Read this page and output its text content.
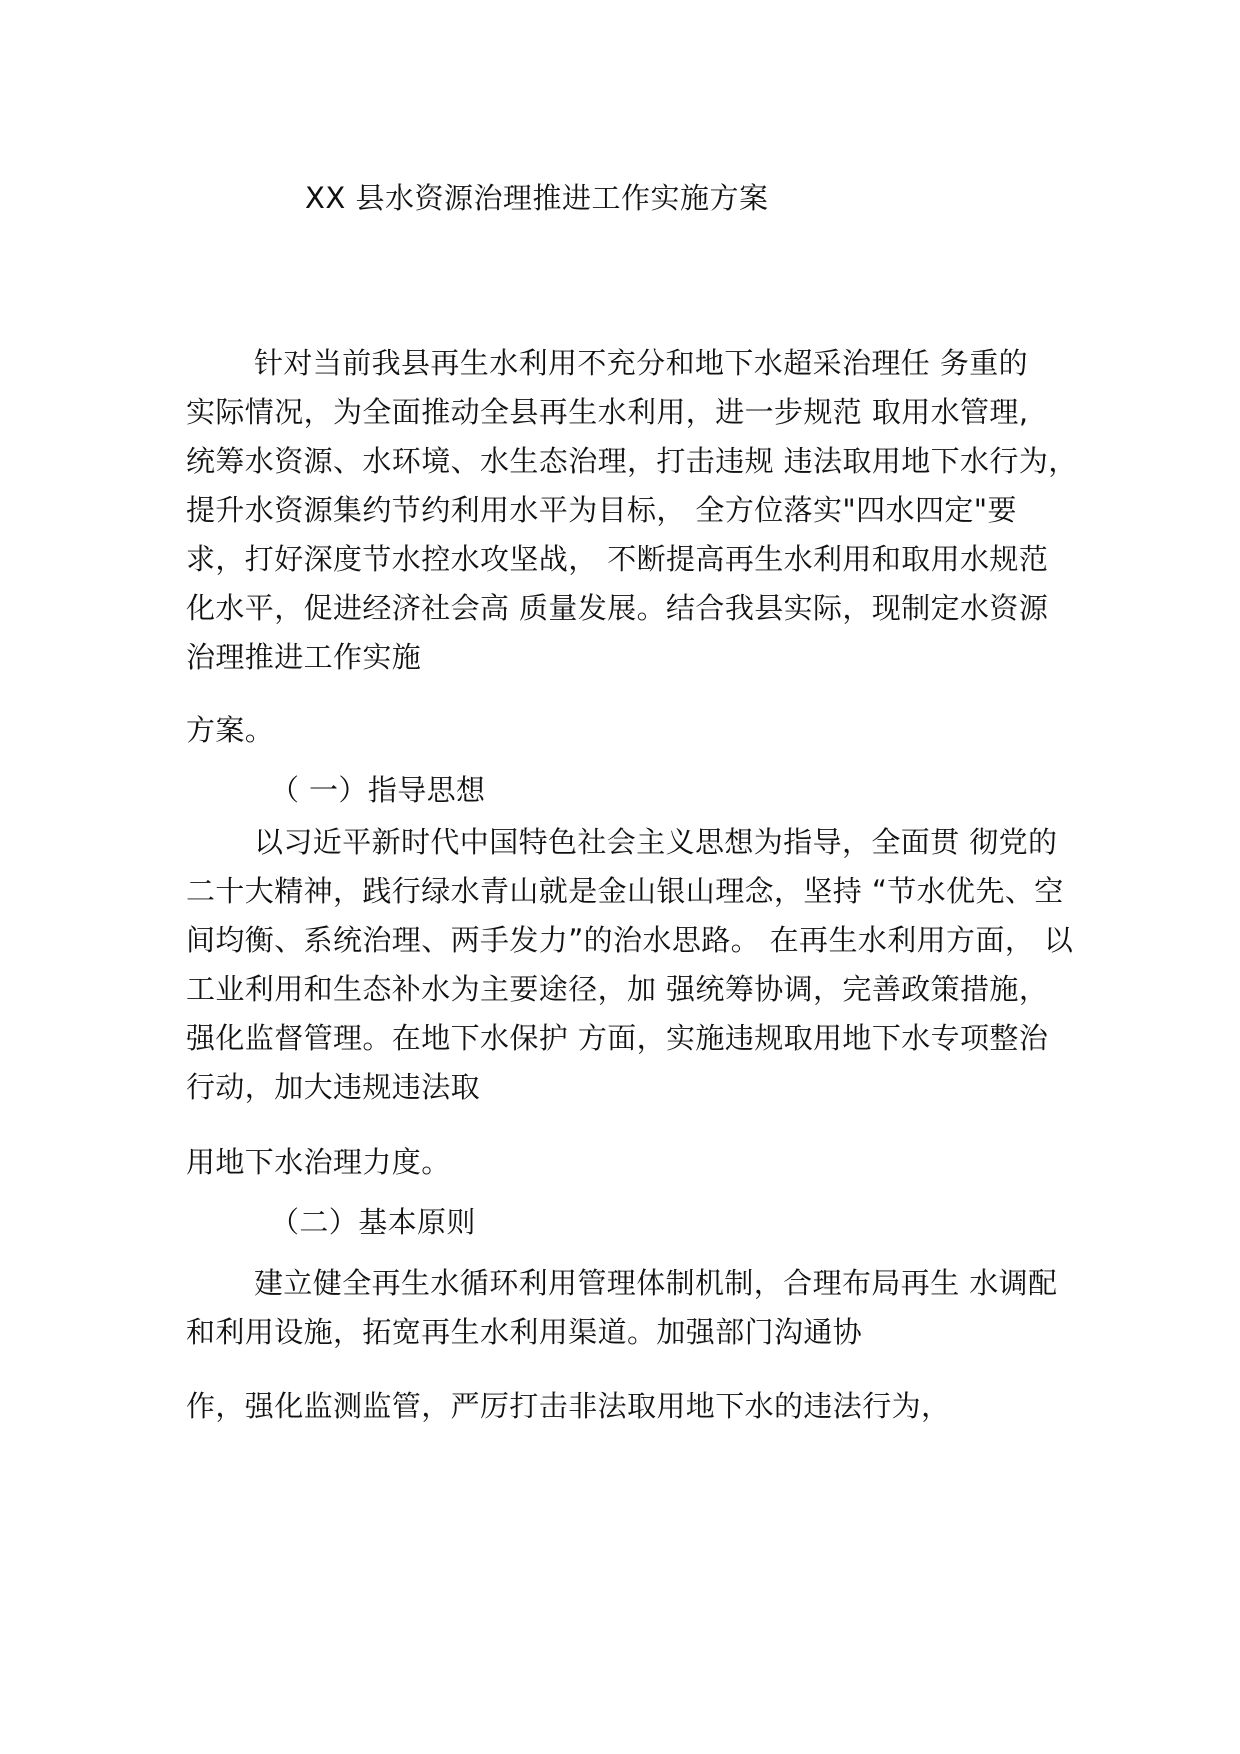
XX 县水资源治理推进工作实施方案
针对当前我县再生水利用不充分和地下水超采治理任 务重的
实际情况，为全面推动全县再生水利用，进一步规范 取用水管理,
统筹水资源、水环境、水生态治理，打击违规 违法取用地下水行为，
提升水资源集约节约利用水平为目标， 全方位落实"四水四定"要
求，打好深度节水控水攻坚战， 不断提高再生水利用和取用水规范
化水平，促进经济社会高 质量发展。结合我县实际，现制定水资源
治理推进工作实施
方案。
（ 一）指导思想
以习近平新时代中国特色社会主义思想为指导，全面贯 彻党的
二十大精神，践行绿水青山就是金山银山理念，坚持 “节水优先、空
间均衡、系统治理、两手发力”的治水思路。 在再生水利用方面， 以
工业利用和生态补水为主要途径，加 强统筹协调，完善政策措施，
强化监督管理。在地下水保护 方面，实施违规取用地下水专项整治
行动，加大违规违法取
用地下水治理力度。
（二）基本原则
建立健全再生水循环利用管理体制机制，合理布局再生 水调配
和利用设施，拓宽再生水利用渠道。加强部门沟通协
作，强化监测监管，严厉打击非法取用地下水的违法行为，
